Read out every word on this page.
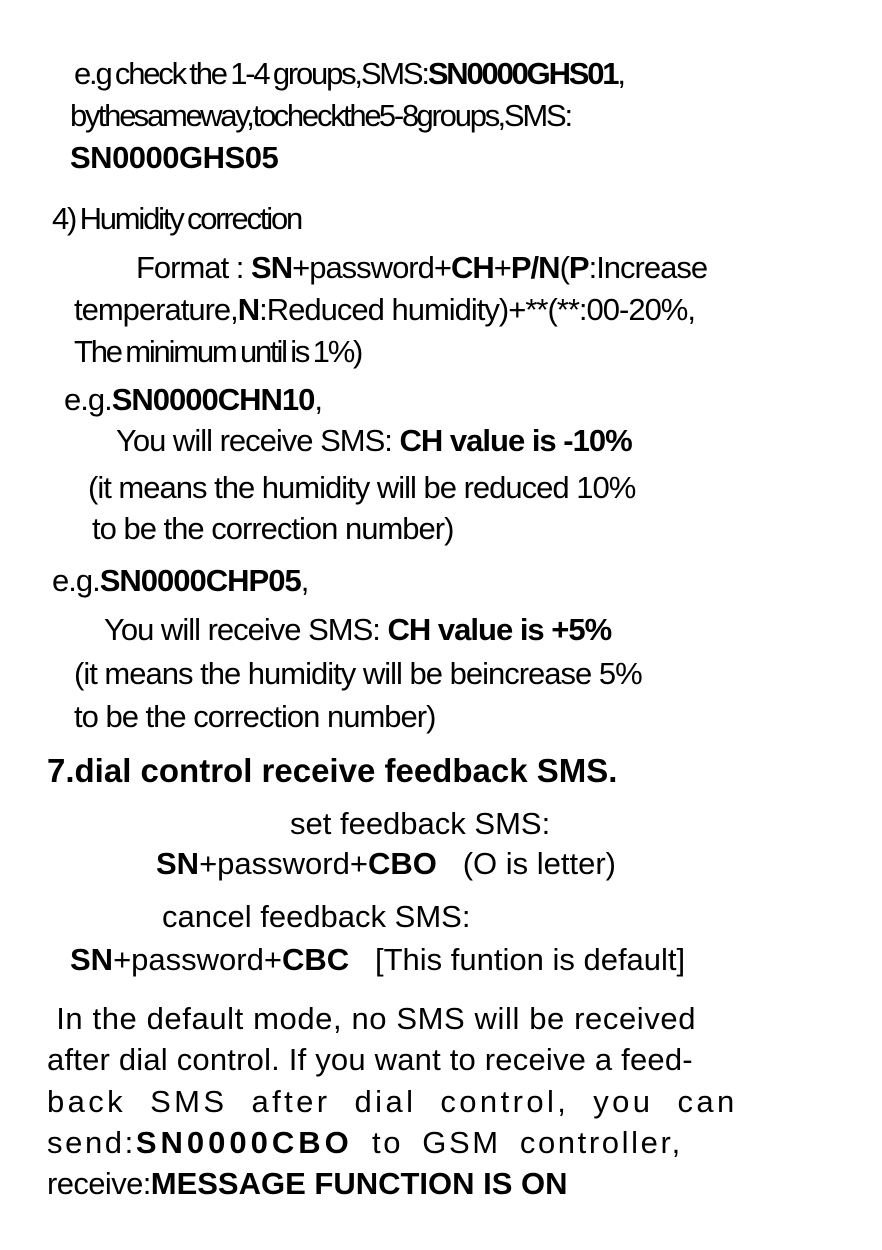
e.g check the 1-4 groups,SMS:SN0000GHS01,
by the same way,to check the 5-8 groups ,SMS:
SN0000GHS05
4) Humidity correction
Format : SN+password+CH+P/N(P:Increase
temperature,N:Reduced humidity)+**(**:00-20%,
The minimum until is 1%)
e.g.SN0000CHN10,
You will receive SMS: CH value is -10%
(it means the humidity will be reduced 10%
to be the correction number)
e.g.SN0000CHP05,
You will receive SMS: CH value is +5%
(it means the humidity will be beincrease 5%
to be the correction number)
7.dial control receive feedback SMS.
set feedback SMS:
SN+password+CBO   (O is letter)
cancel feedback SMS:
SN+password+CBC   [This funtion is default]
In the default mode, no SMS will be received
after dial control. If you want to receive a feed-
back SMS after dial control, you can
send:SN0000CBO to GSM controller,
receive:MESSAGE FUNCTION IS ON
